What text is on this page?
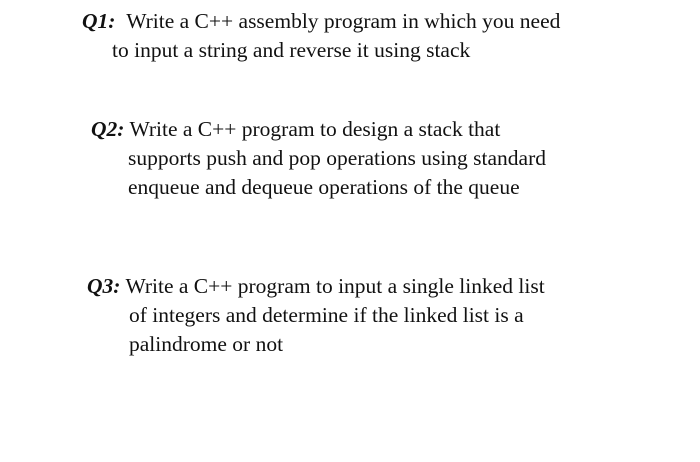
Q1: Write a C++ assembly program in which you need
to input a string and reverse it using stack
Q2: Write a C++ program to design a stack that
supports push and pop operations using standard
enqueue and dequeue operations of the queue
Q3: Write a C++ program to input a single linked list
of integers and determine if the linked list is a
palindrome or not
